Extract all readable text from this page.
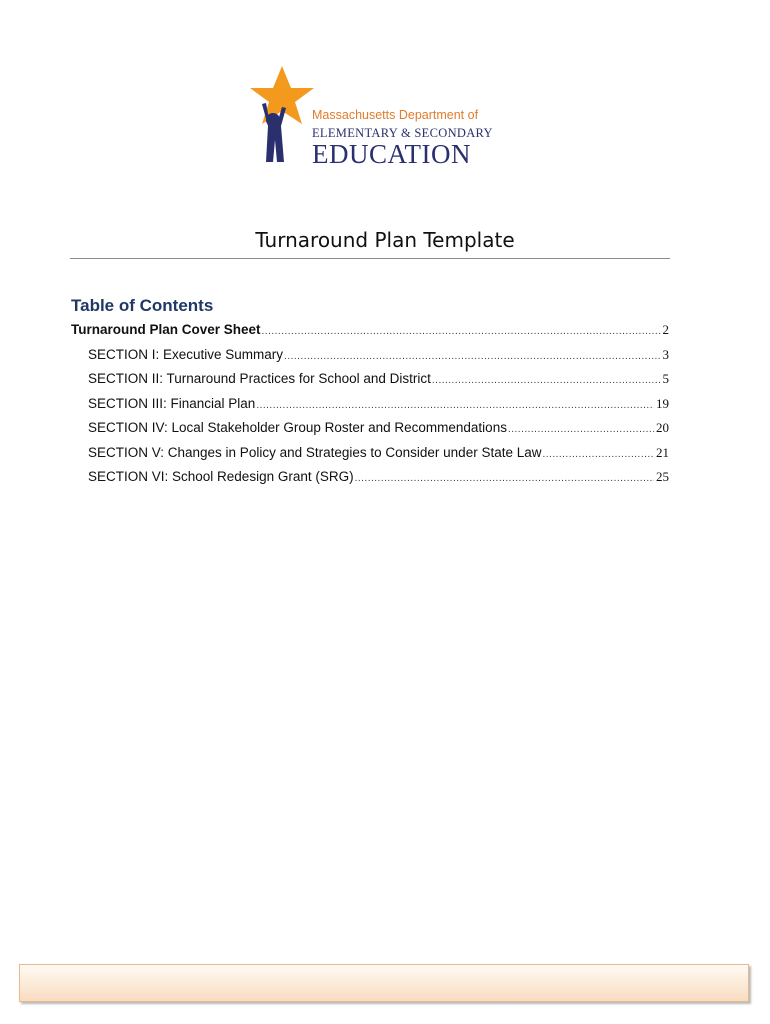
Massachusetts Department of
ELEMENTARY & SECONDARY
EDUCATION
Turnaround Plan Template
Table of Contents
Turnaround Plan Cover Sheet .....	2
SECTION I: Executive Summary .....	3
SECTION II: Turnaround Practices for School and District .....	5
SECTION III: Financial Plan .....	19
SECTION IV: Local Stakeholder Group Roster and Recommendations .....	20
SECTION V: Changes in Policy and Strategies to Consider under State Law .....	21
SECTION VI: School Redesign Grant (SRG) .....	25
